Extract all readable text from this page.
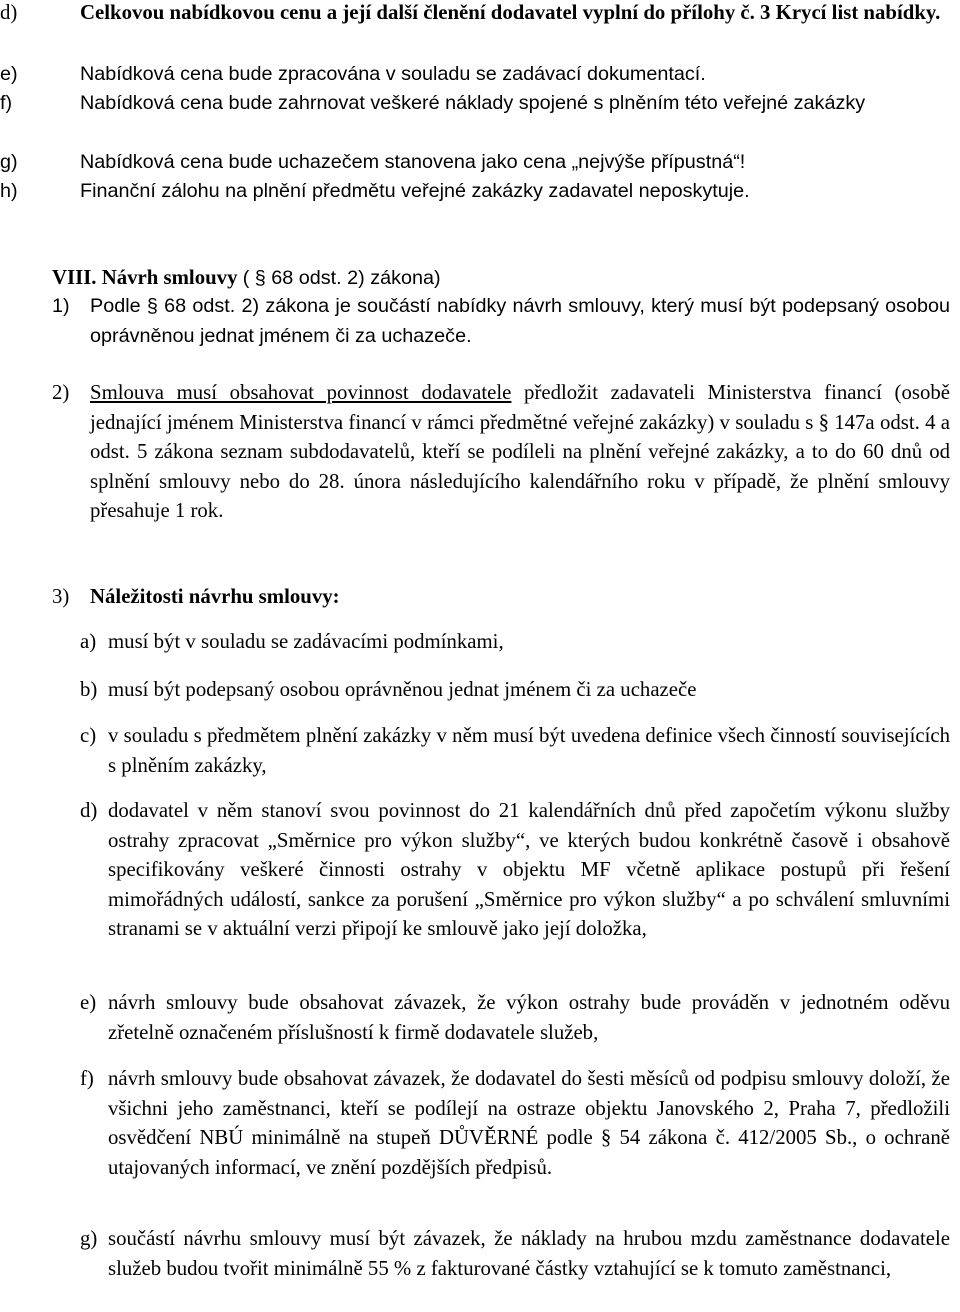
d)	Celkovou nabídkovou cenu a její další členění dodavatel vyplní do přílohy č. 3 Krycí list nabídky.
e)	Nabídková cena bude zpracována v souladu se zadávací dokumentací.
f)	Nabídková cena bude zahrnovat veškeré náklady spojené s plněním této veřejné zakázky
g)	Nabídková cena bude uchazečem stanovena jako cena „nejvýše přípustná“!
h)	Finanční zálohu na plnění předmětu veřejné zakázky zadavatel neposkytuje.
VIII. Návrh smlouvy ( § 68 odst. 2) zákona)
1) Podle § 68 odst. 2) zákona je součástí nabídky návrh smlouvy, který musí být podepsaný osobou oprávněnou jednat jménem či za uchazeče.
2) Smlouva musí obsahovat povinnost dodavatele předložit zadavateli Ministerstva financí (osobě jednající jménem Ministerstva financí v rámci předmětné veřejné zakázky) v souladu s § 147a odst. 4 a odst. 5 zákona seznam subdodavatelů, kteří se podíleli na plnění veřejné zakázky, a to do 60 dnů od splnění smlouvy nebo do 28. února následujícího kalendářního roku v případě, že plnění smlouvy přesahuje 1 rok.
3) Náležitosti návrhu smlouvy:
a) musí být v souladu se zadávacími podmínkami,
b) musí být podepsaný osobou oprávněnou jednat jménem či za uchazeče
c) v souladu s předmětem plnění zakázky v něm musí být uvedena definice všech činností souvisejících s plněním zakázky,
d) dodavatel v něm stanoví svou povinnost do 21 kalendářních dnů před započetím výkonu služby ostrahy zpracovat „Směrnice pro výkon služby“, ve kterých budou konkrétně časově i obsahově specifikovány veškeré činnosti ostrahy v objektu MF včetně aplikace postupů při řešení mimořádných událostí, sankce za porušení „Směrnice pro výkon služby“ a po schválení smluvními stranami se v aktuální verzi připojí ke smlouvě jako její doložka,
e) návrh smlouvy bude obsahovat závazek, že výkon ostrahy bude prováděn v jednotném oděvu zřetelně označeném příslušností k firmě dodavatele služeb,
f) návrh smlouvy bude obsahovat závazek, že dodavatel do šesti měsíců od podpisu smlouvy doloží, že všichni jeho zaměstnanci, kteří se podílejí na ostraze objektu Janovského 2, Praha 7, předložili osvědčení NBÚ minimálně na stupeň DŮVĚRNÉ podle § 54 zákona č. 412/2005 Sb., o ochraně utajovaných informací, ve znění pozdějších předpisů.
g) součástí návrhu smlouvy musí být závazek, že náklady na hrubou mzdu zaměstnance dodavatele služeb budou tvořit minimálně 55 % z fakturované částky vztahující se k tomuto zaměstnanci,
